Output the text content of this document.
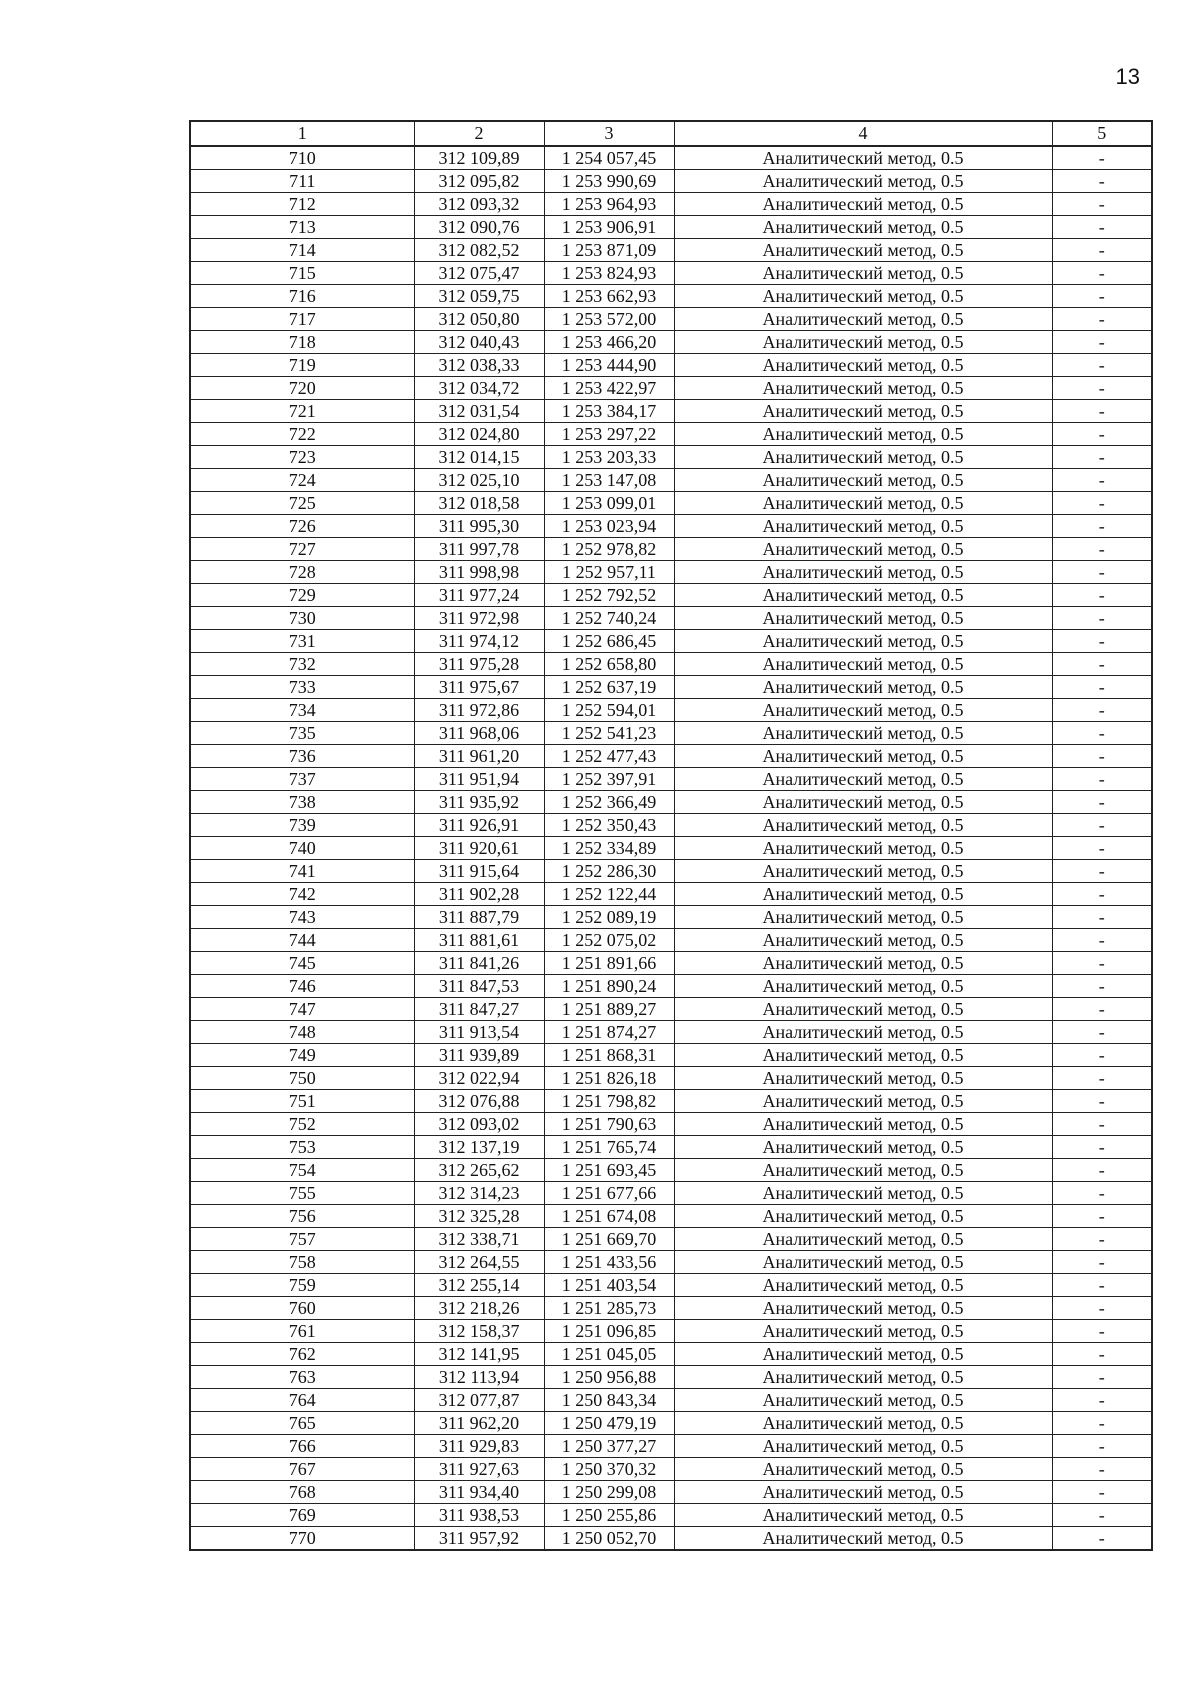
13
1	2	3	4	5
710	312 109,89	1 254 057,45	Аналитический метод, 0.5	-
711	312 095,82	1 253 990,69	Аналитический метод, 0.5	-
712	312 093,32	1 253 964,93	Аналитический метод, 0.5	-
713	312 090,76	1 253 906,91	Аналитический метод, 0.5	-
714	312 082,52	1 253 871,09	Аналитический метод, 0.5	-
715	312 075,47	1 253 824,93	Аналитический метод, 0.5	-
716	312 059,75	1 253 662,93	Аналитический метод, 0.5	-
717	312 050,80	1 253 572,00	Аналитический метод, 0.5	-
718	312 040,43	1 253 466,20	Аналитический метод, 0.5	-
719	312 038,33	1 253 444,90	Аналитический метод, 0.5	-
720	312 034,72	1 253 422,97	Аналитический метод, 0.5	-
721	312 031,54	1 253 384,17	Аналитический метод, 0.5	-
722	312 024,80	1 253 297,22	Аналитический метод, 0.5	-
723	312 014,15	1 253 203,33	Аналитический метод, 0.5	-
724	312 025,10	1 253 147,08	Аналитический метод, 0.5	-
725	312 018,58	1 253 099,01	Аналитический метод, 0.5	-
726	311 995,30	1 253 023,94	Аналитический метод, 0.5	-
727	311 997,78	1 252 978,82	Аналитический метод, 0.5	-
728	311 998,98	1 252 957,11	Аналитический метод, 0.5	-
729	311 977,24	1 252 792,52	Аналитический метод, 0.5	-
730	311 972,98	1 252 740,24	Аналитический метод, 0.5	-
731	311 974,12	1 252 686,45	Аналитический метод, 0.5	-
732	311 975,28	1 252 658,80	Аналитический метод, 0.5	-
733	311 975,67	1 252 637,19	Аналитический метод, 0.5	-
734	311 972,86	1 252 594,01	Аналитический метод, 0.5	-
735	311 968,06	1 252 541,23	Аналитический метод, 0.5	-
736	311 961,20	1 252 477,43	Аналитический метод, 0.5	-
737	311 951,94	1 252 397,91	Аналитический метод, 0.5	-
738	311 935,92	1 252 366,49	Аналитический метод, 0.5	-
739	311 926,91	1 252 350,43	Аналитический метод, 0.5	-
740	311 920,61	1 252 334,89	Аналитический метод, 0.5	-
741	311 915,64	1 252 286,30	Аналитический метод, 0.5	-
742	311 902,28	1 252 122,44	Аналитический метод, 0.5	-
743	311 887,79	1 252 089,19	Аналитический метод, 0.5	-
744	311 881,61	1 252 075,02	Аналитический метод, 0.5	-
745	311 841,26	1 251 891,66	Аналитический метод, 0.5	-
746	311 847,53	1 251 890,24	Аналитический метод, 0.5	-
747	311 847,27	1 251 889,27	Аналитический метод, 0.5	-
748	311 913,54	1 251 874,27	Аналитический метод, 0.5	-
749	311 939,89	1 251 868,31	Аналитический метод, 0.5	-
750	312 022,94	1 251 826,18	Аналитический метод, 0.5	-
751	312 076,88	1 251 798,82	Аналитический метод, 0.5	-
752	312 093,02	1 251 790,63	Аналитический метод, 0.5	-
753	312 137,19	1 251 765,74	Аналитический метод, 0.5	-
754	312 265,62	1 251 693,45	Аналитический метод, 0.5	-
755	312 314,23	1 251 677,66	Аналитический метод, 0.5	-
756	312 325,28	1 251 674,08	Аналитический метод, 0.5	-
757	312 338,71	1 251 669,70	Аналитический метод, 0.5	-
758	312 264,55	1 251 433,56	Аналитический метод, 0.5	-
759	312 255,14	1 251 403,54	Аналитический метод, 0.5	-
760	312 218,26	1 251 285,73	Аналитический метод, 0.5	-
761	312 158,37	1 251 096,85	Аналитический метод, 0.5	-
762	312 141,95	1 251 045,05	Аналитический метод, 0.5	-
763	312 113,94	1 250 956,88	Аналитический метод, 0.5	-
764	312 077,87	1 250 843,34	Аналитический метод, 0.5	-
765	311 962,20	1 250 479,19	Аналитический метод, 0.5	-
766	311 929,83	1 250 377,27	Аналитический метод, 0.5	-
767	311 927,63	1 250 370,32	Аналитический метод, 0.5	-
768	311 934,40	1 250 299,08	Аналитический метод, 0.5	-
769	311 938,53	1 250 255,86	Аналитический метод, 0.5	-
770	311 957,92	1 250 052,70	Аналитический метод, 0.5	-
